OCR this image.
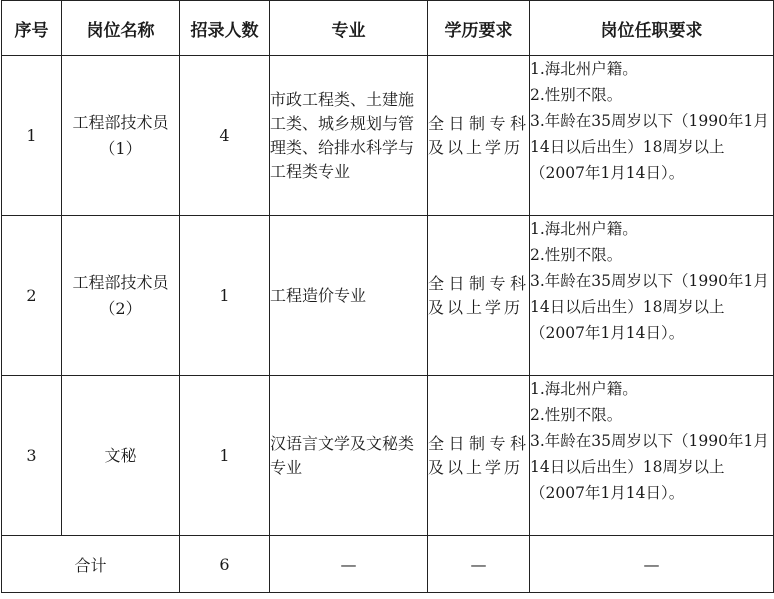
序号	岗位名称	招录人数	专业	学历要求	岗位任职要求
1	工程部技术员（1）	4	市政工程类、土建施工类、城乡规划与管理类、给排水科学与工程类专业	全日制专科及以上学历	1.海北州户籍。
2.性别不限。
3.年龄在35周岁以下（1990年1月14日以后出生）18周岁以上（2007年1月14日）。

2	工程部技术员（2）	1	工程造价专业	全日制专科及以上学历	1.海北州户籍。
2.性别不限。
3.年龄在35周岁以下（1990年1月14日以后出生）18周岁以上（2007年1月14日）。

3	文秘	1	汉语言文学及文秘类专业	全日制专科及以上学历	1.海北州户籍。
2.性别不限。
3.年龄在35周岁以下（1990年1月14日以后出生）18周岁以上（2007年1月14日）。

合计		6	—	—	—
